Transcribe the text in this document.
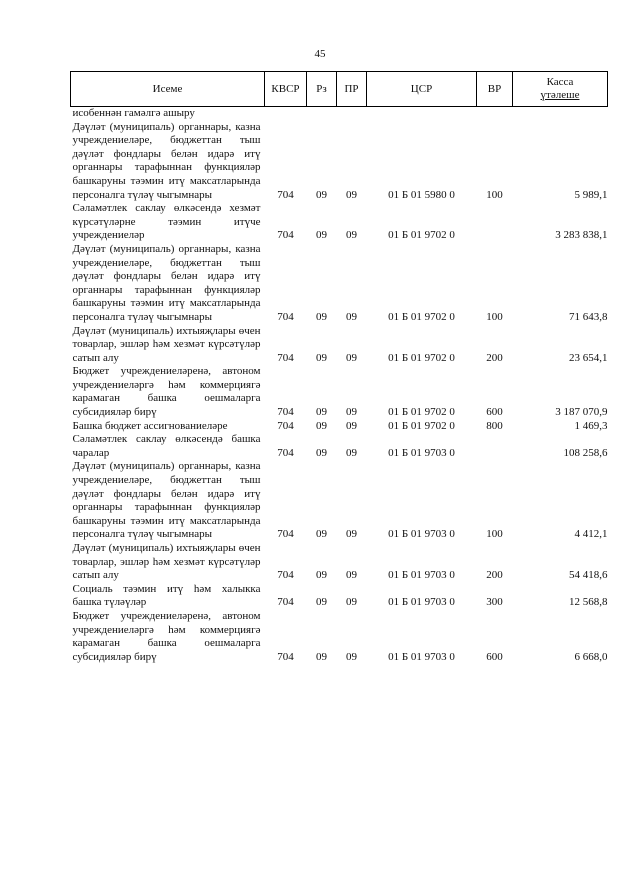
45
Исеме	КВСР	Рз	ПР	ЦСР	ВР	Касса
үтәлеше

исобеннән гамәлгә ашыру						
Дәүләт (муниципаль) органнары, казна учреждениеләре, бюджеттан тыш дәүләт фондлары белән идарә итү органнары тарафыннан функцияләр башкаруны тәэмин итү максатларында персоналга түләү чыгымнары	704	09	09	01 Б 01 5980 0	100	5 989,1
Сәламәтлек саклау өлкәсендә хезмәт күрсәтүләрне тәэмин итүче учреждениеләр	704	09	09	01 Б 01 9702 0		3 283 838,1
Дәүләт (муниципаль) органнары, казна учреждениеләре, бюджеттан тыш дәүләт фондлары белән идарә итү органнары тарафыннан функцияләр башкаруны тәэмин итү максатларында персоналга түләү чыгымнары	704	09	09	01 Б 01 9702 0	100	71 643,8
Дәүләт (муниципаль) ихтыяҗлары өчен товарлар, эшләр һәм хезмәт күрсәтүләр сатып алу	704	09	09	01 Б 01 9702 0	200	23 654,1
Бюджет учреждениеләренә, автоном учреждениеләргә һәм коммерциягә карамаган башка оешмаларга субсидияләр бирү	704	09	09	01 Б 01 9702 0	600	3 187 070,9
Башка бюджет ассигнованиеләре	704	09	09	01 Б 01 9702 0	800	1 469,3
Сәламәтлек саклау өлкәсендә башка чаралар	704	09	09	01 Б 01 9703 0		108 258,6
Дәүләт (муниципаль) органнары, казна учреждениеләре, бюджеттан тыш дәүләт фондлары белән идарә итү органнары тарафыннан функцияләр башкаруны тәэмин итү максатларында персоналга түләү чыгымнары	704	09	09	01 Б 01 9703 0	100	4 412,1
Дәүләт (муниципаль) ихтыяҗлары өчен товарлар, эшләр һәм хезмәт күрсәтүләр сатып алу	704	09	09	01 Б 01 9703 0	200	54 418,6
Социаль тәэмин итү һәм халыкка башка түләүләр	704	09	09	01 Б 01 9703 0	300	12 568,8
Бюджет учреждениеләренә, автоном учреждениеләргә һәм коммерциягә карамаган башка оешмаларга субсидияләр бирү	704	09	09	01 Б 01 9703 0	600	6 668,0
